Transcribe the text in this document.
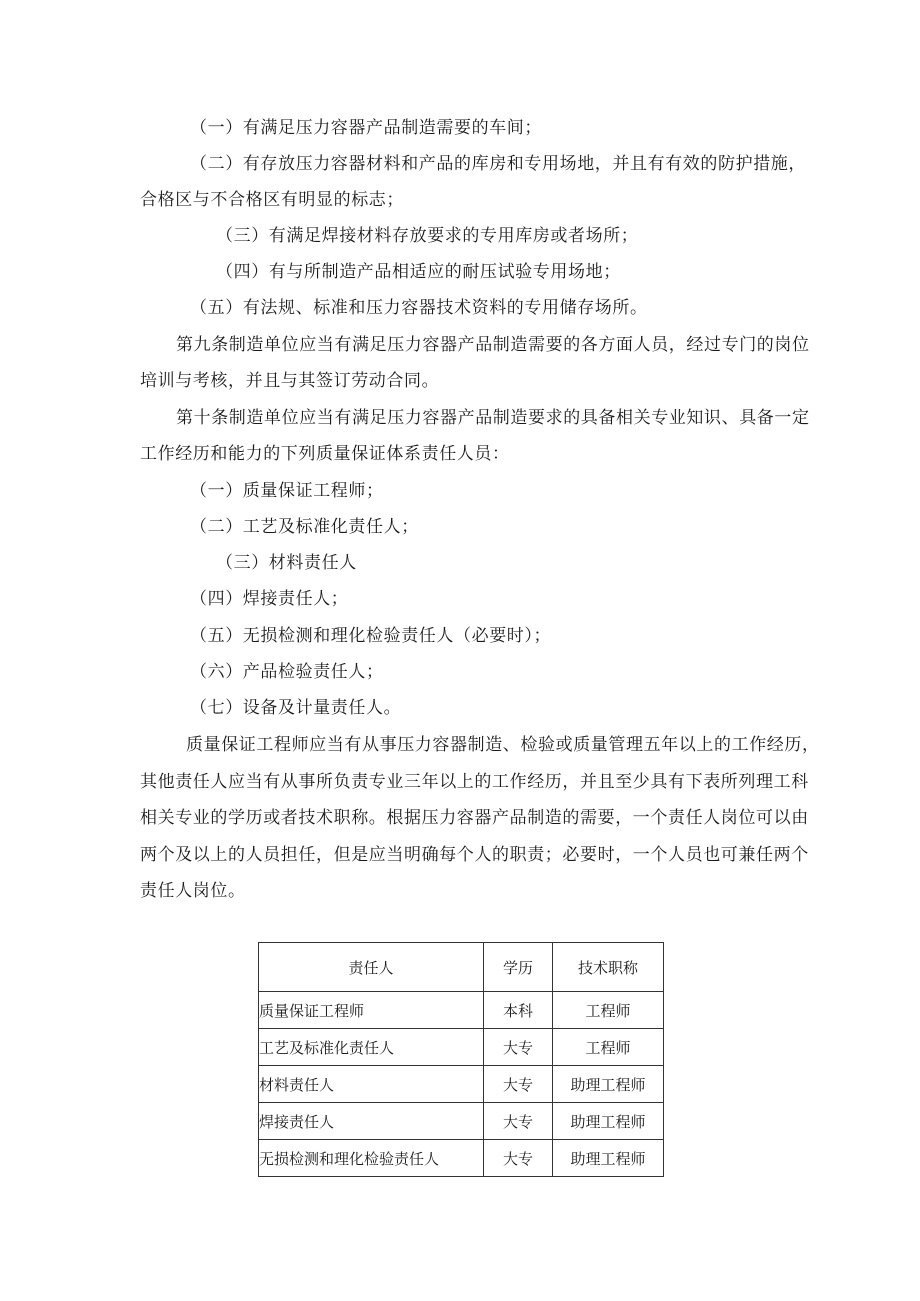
（一）有满足压力容器产品制造需要的车间；
（二）有存放压力容器材料和产品的库房和专用场地，并且有有效的防护措施，
合格区与不合格区有明显的标志；
（三）有满足焊接材料存放要求的专用库房或者场所；
（四）有与所制造产品相适应的耐压试验专用场地；
（五）有法规、标准和压力容器技术资料的专用储存场所。
第九条制造单位应当有满足压力容器产品制造需要的各方面人员，经过专门的岗位
培训与考核，并且与其签订劳动合同。
第十条制造单位应当有满足压力容器产品制造要求的具备相关专业知识、具备一定
工作经历和能力的下列质量保证体系责任人员：
（一）质量保证工程师；
（二）工艺及标准化责任人；
（三）材料责任人
（四）焊接责任人；
（五）无损检测和理化检验责任人（必要时）；
（六）产品检验责任人；
（七）设备及计量责任人。
质量保证工程师应当有从事压力容器制造、检验或质量管理五年以上的工作经历，
其他责任人应当有从事所负责专业三年以上的工作经历，并且至少具有下表所列理工科
相关专业的学历或者技术职称。根据压力容器产品制造的需要，一个责任人岗位可以由
两个及以上的人员担任，但是应当明确每个人的职责；必要时，一个人员也可兼任两个
责任人岗位。
责任人	学历	技术职称
质量保证工程师	本科	工程师
工艺及标准化责任人	大专	工程师
材料责任人	大专	助理工程师
焊接责任人	大专	助理工程师
无损检测和理化检验责任人	大专	助理工程师
